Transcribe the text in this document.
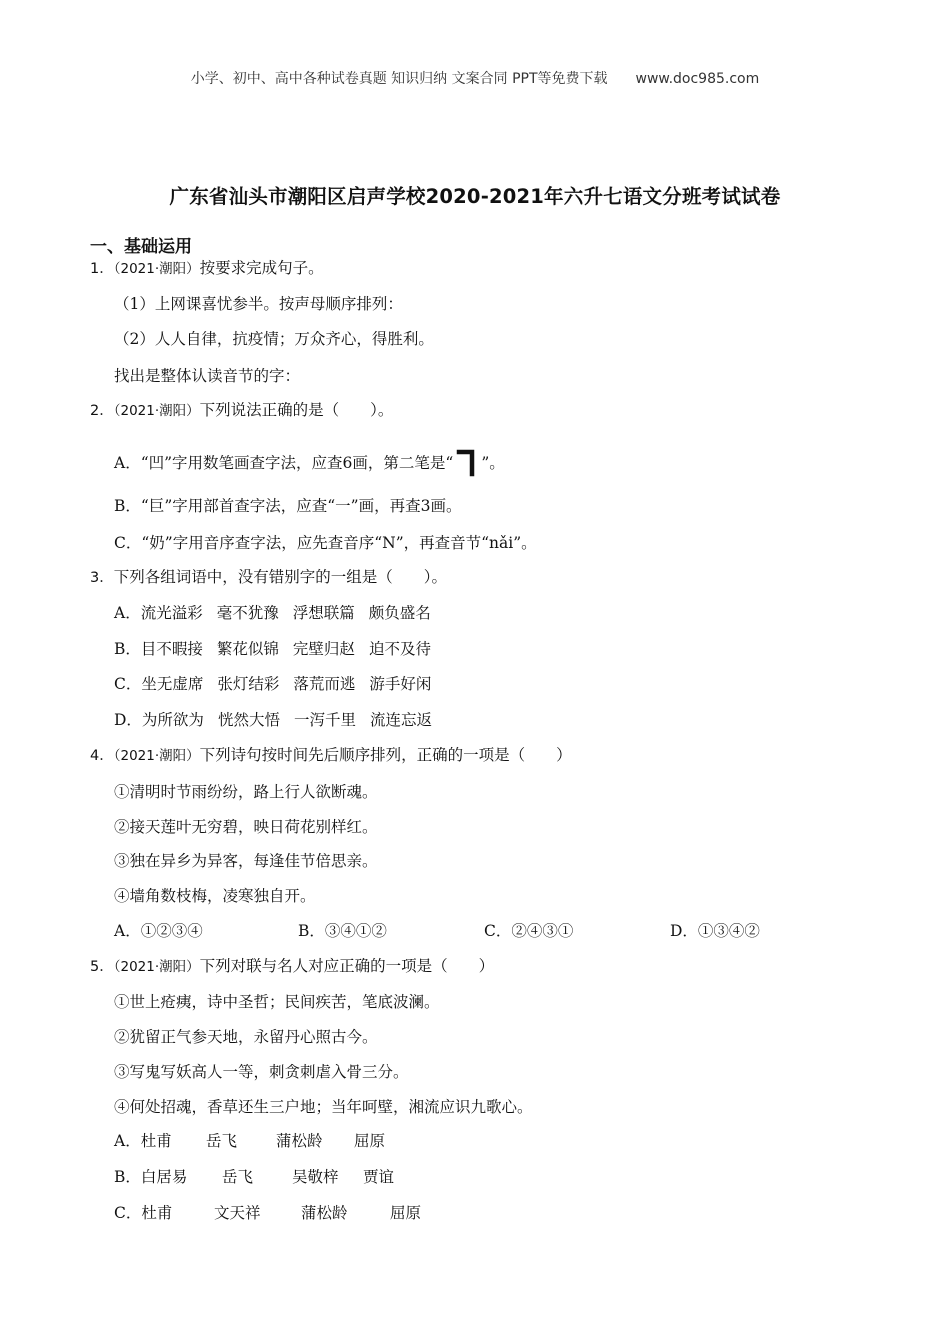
小学、初中、高中各种试卷真题 知识归纳 文案合同 PPT等免费下载 www.doc985.com
广东省汕头市潮阳区启声学校2020-2021年六升七语文分班考试试卷
一、基础运用
1．（2021·潮阳）按要求完成句子。
（1）上网课喜忧参半。按声母顺序排列：
（2）人人自律，抗疫情；万众齐心，得胜利。
找出是整体认读音节的字：
2．（2021·潮阳）下列说法正确的是（　　）。
A．“凹”字用数笔画查字法，应查6画，第二笔是“ ”。
B．“巨”字用部首查字法，应查“一”画，再查3画。
C．“奶”字用音序查字法，应先查音序“N”，再查音节“nǎi”。
3．下列各组词语中，没有错别字的一组是（　　）。
A．流光溢彩 毫不犹豫 浮想联篇 颇负盛名
B．目不暇接 繁花似锦 完壁归赵 迫不及待
C．坐无虚席 张灯结彩 落荒而逃 游手好闲
D．为所欲为 恍然大悟 一泻千里 流连忘返
4．（2021·潮阳）下列诗句按时间先后顺序排列，正确的一项是（　　）
①清明时节雨纷纷，路上行人欲断魂。
②接天莲叶无穷碧，映日荷花别样红。
③独在异乡为异客，每逢佳节倍思亲。
④墙角数枝梅，凌寒独自开。
A．①②③④	B．③④①②	C．②④③①	D．①③④②
5．（2021·潮阳）下列对联与名人对应正确的一项是（　　）
①世上疮痍，诗中圣哲；民间疾苦，笔底波澜。
②犹留正气参天地，永留丹心照古今。
③写鬼写妖高人一等，刺贪刺虐入骨三分。
④何处招魂，香草还生三户地；当年呵壁，湘流应识九歌心。
A．杜甫 岳飞	蒲松龄 屈原
B．白居易 岳飞	吴敬梓 贾谊
C．杜甫	文天祥	蒲松龄	屈原
